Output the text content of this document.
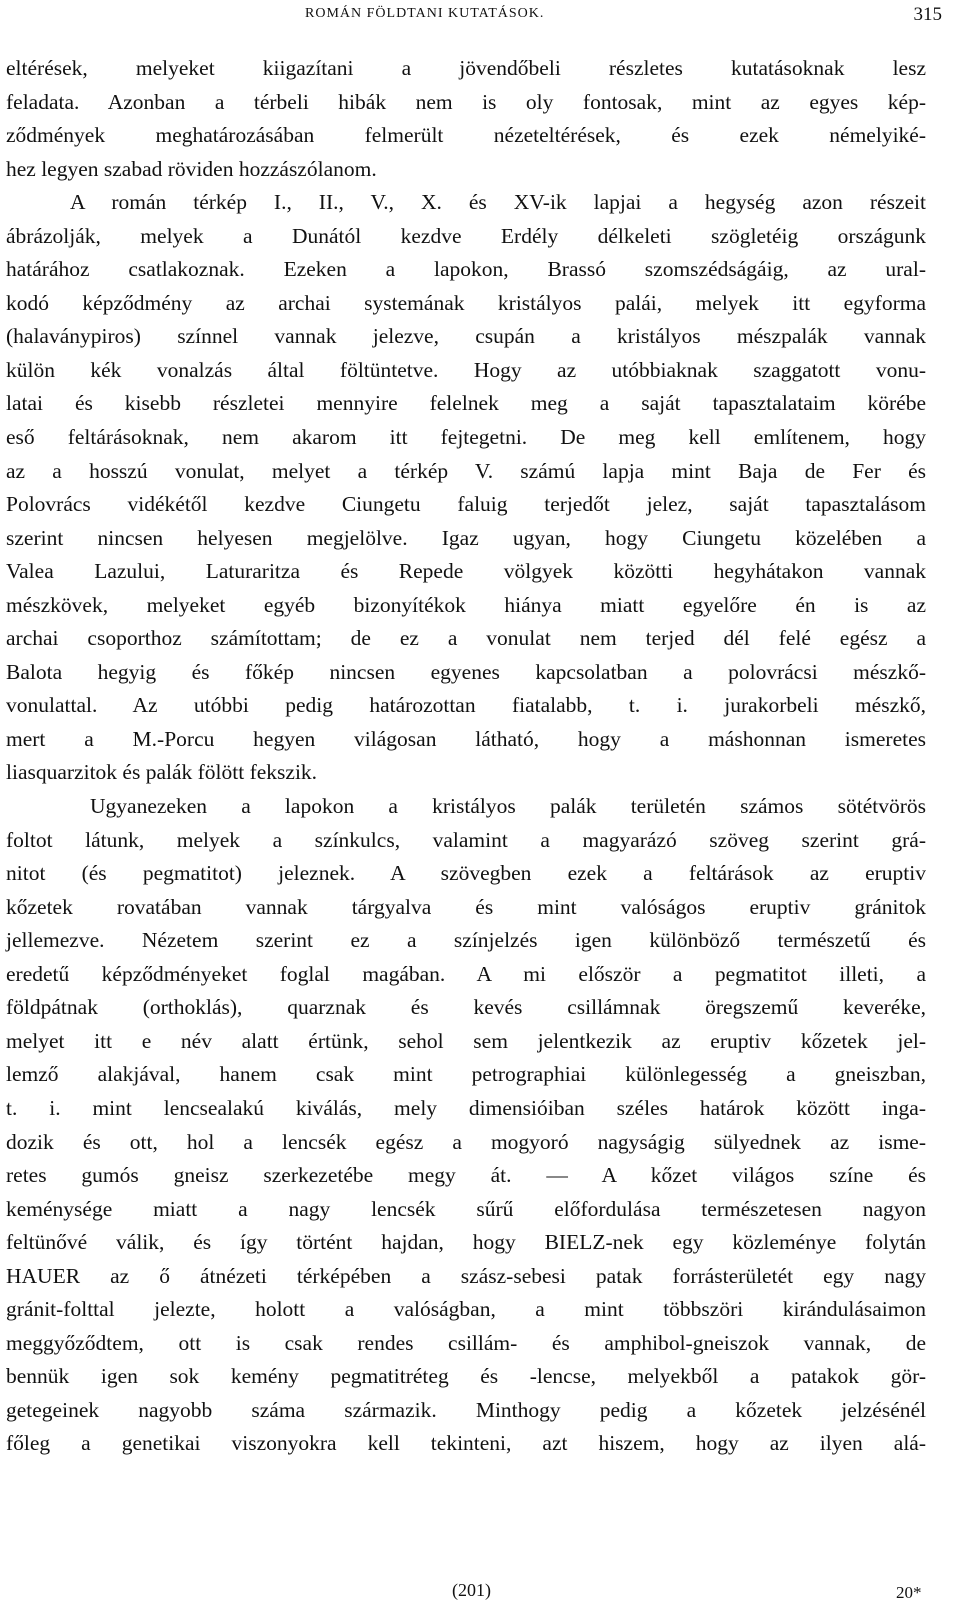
ROMÁN FÖLDTANI KUTATÁSOK.	315
eltérések, melyeket kiigazítani a jövendőbeli részletes kutatásoknak lesz
feladata. Azonban a térbeli hibák nem is oly fontosak, mint az egyes kép-
ződmények meghatározásában felmerült nézeteltérések, és ezek némelyiké-
hez legyen szabad röviden hozzászólanom.
A román térkép I., II., V., X. és XV-ik lapjai a hegység azon részeit
ábrázolják, melyek a Dunától kezdve Erdély délkeleti szögletéig országunk
határához csatlakoznak. Ezeken a lapokon, Brassó szomszédságáig, az ural-
kodó képződmény az archai systemának kristályos palái, melyek itt egyforma
(halaványpiros) színnel vannak jelezve, csupán a kristályos mészpalák vannak
külön kék vonalzás által föltüntetve. Hogy az utóbbiaknak szaggatott vonu-
latai és kisebb részletei mennyire felelnek meg a saját tapasztalataim körébe
eső feltárásoknak, nem akarom itt fejtegetni. De meg kell említenem, hogy
az a hosszú vonulat, melyet a térkép V. számú lapja mint Baja de Fer és
Polovrács vidékétől kezdve Ciungetu faluig terjedőt jelez, saját tapasztalásom
szerint nincsen helyesen megjelölve. Igaz ugyan, hogy Ciungetu közelében a
Valea Lazului, Laturaritza és Repede völgyek közötti hegyhátakon vannak
mészkövek, melyeket egyéb bizonyítékok hiánya miatt egyelőre én is az
archai csoporthoz számítottam; de ez a vonulat nem terjed dél felé egész a
Balota hegyig és főkép nincsen egyenes kapcsolatban a polovrácsi mészkő-
vonulattal. Az utóbbi pedig határozottan fiatalabb, t. i. jurakorbeli mészkő,
mert a M.-Porcu hegyen világosan látható, hogy a máshonnan ismeretes
liasquarzitok és palák fölött fekszik.
Ugyanezeken a lapokon a kristályos palák területén számos sötétvörös
foltot látunk, melyek a színkulcs, valamint a magyarázó szöveg szerint grá-
nitot (és pegmatitot) jeleznek. A szövegben ezek a feltárások az eruptiv
kőzetek rovatában vannak tárgyalva és mint valóságos eruptiv gránitok
jellemezve. Nézetem szerint ez a színjelzés igen különböző természetű és
eredetű képződményeket foglal magában. A mi először a pegmatitot illeti, a
földpátnak (orthoklás), quarznak és kevés csillámnak öregszemű keveréke,
melyet itt e név alatt értünk, sehol sem jelentkezik az eruptiv kőzetek jel-
lemző alakjával, hanem csak mint petrographiai különlegesség a gneiszban,
t. i. mint lencsealakú kiválás, mely dimensióiban széles határok között inga-
dozik és ott, hol a lencsék egész a mogyoró nagyságig sülyednek az isme-
retes gumós gneisz szerkezetébe megy át. — A kőzet világos színe és
keménysége miatt a nagy lencsék sűrű előfordulása természetesen nagyon
feltünővé válik, és így történt hajdan, hogy BIELZ-nek egy közleménye folytán
HAUER az ő átnézeti térképében a szász-sebesi patak forrásterületét egy nagy
gránit-folttal jelezte, holott a valóságban, a mint többszöri kirándulásaimon
meggyőződtem, ott is csak rendes csillám- és amphibol-gneiszok vannak, de
bennük igen sok kemény pegmatitréteg és -lencse, melyekből a patakok gör-
getegeinek nagyobb száma származik. Minthogy pedig a kőzetek jelzésénél
főleg a genetikai viszonyokra kell tekinteni, azt hiszem, hogy az ilyen alá-
(201)	20*
